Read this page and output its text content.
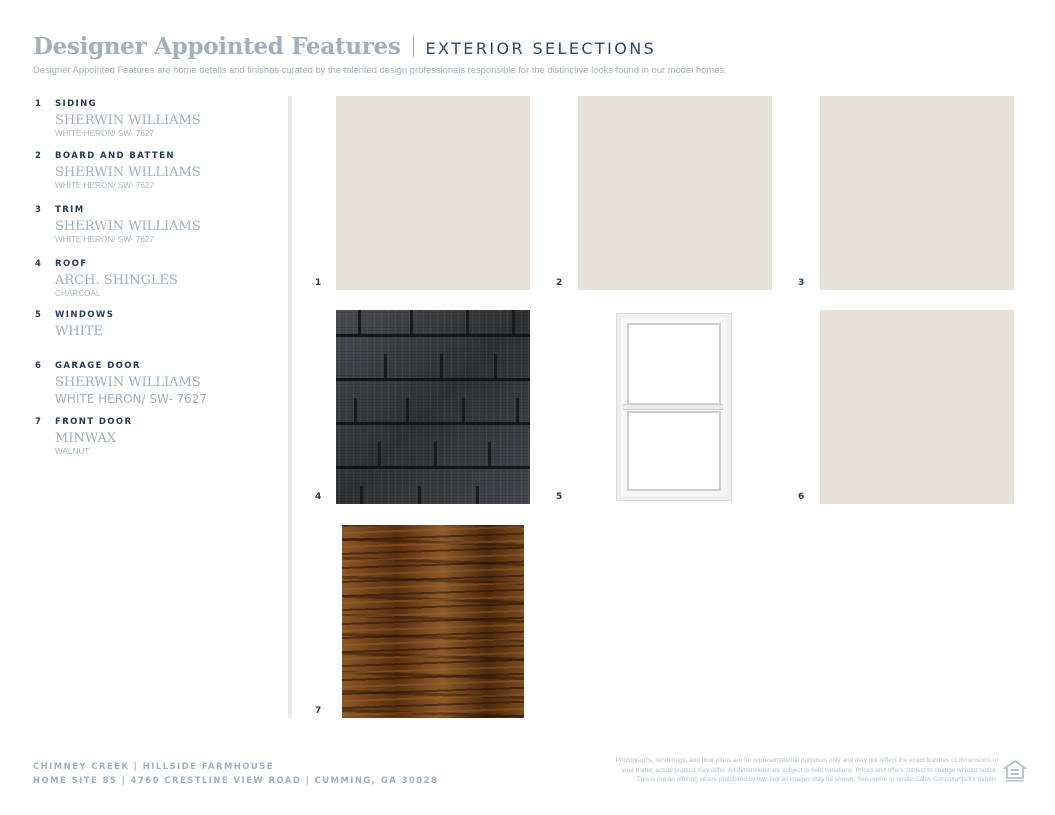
Designer Appointed Features EXTERIOR SELECTIONS
Designer Appointed Features are home details and finishes curated by the talented design professionals responsible for the distinctive looks found in our model homes.
1	SIDING
SHERWIN WILLIAMS
WHITE HERON/ SW- 7627
2	BOARD AND BATTEN
SHERWIN WILLIAMS
WHITE HERON/ SW- 7627
3	TRIM
SHERWIN WILLIAMS
WHITE HERON/ SW- 7627
4	ROOF
ARCH. SHINGLES
CHARCOAL
5	WINDOWS
WHITE
6	GARAGE DOOR
SHERWIN WILLIAMS
WHITE HERON/ SW- 7627
7	FRONT DOOR
MINWAX
WALNUT
1	2	3
4	5	6
7
CHIMNEY CREEK | HILLSIDE FARMHOUSE
HOME SITE 85 | 4760 CRESTLINE VIEW ROAD | CUMMING, GA 30028
Photographs, renderings, and floor plans are for representational purposes only and may not reflect the exact features or dimensions of
your home; actual product may differ. All dimensions are subject to field variations. Prices and offers subject to change without notice.
This is not an offering where prohibited by law. Not all images may be shown. See online or onsite Sales Consultants for details.
